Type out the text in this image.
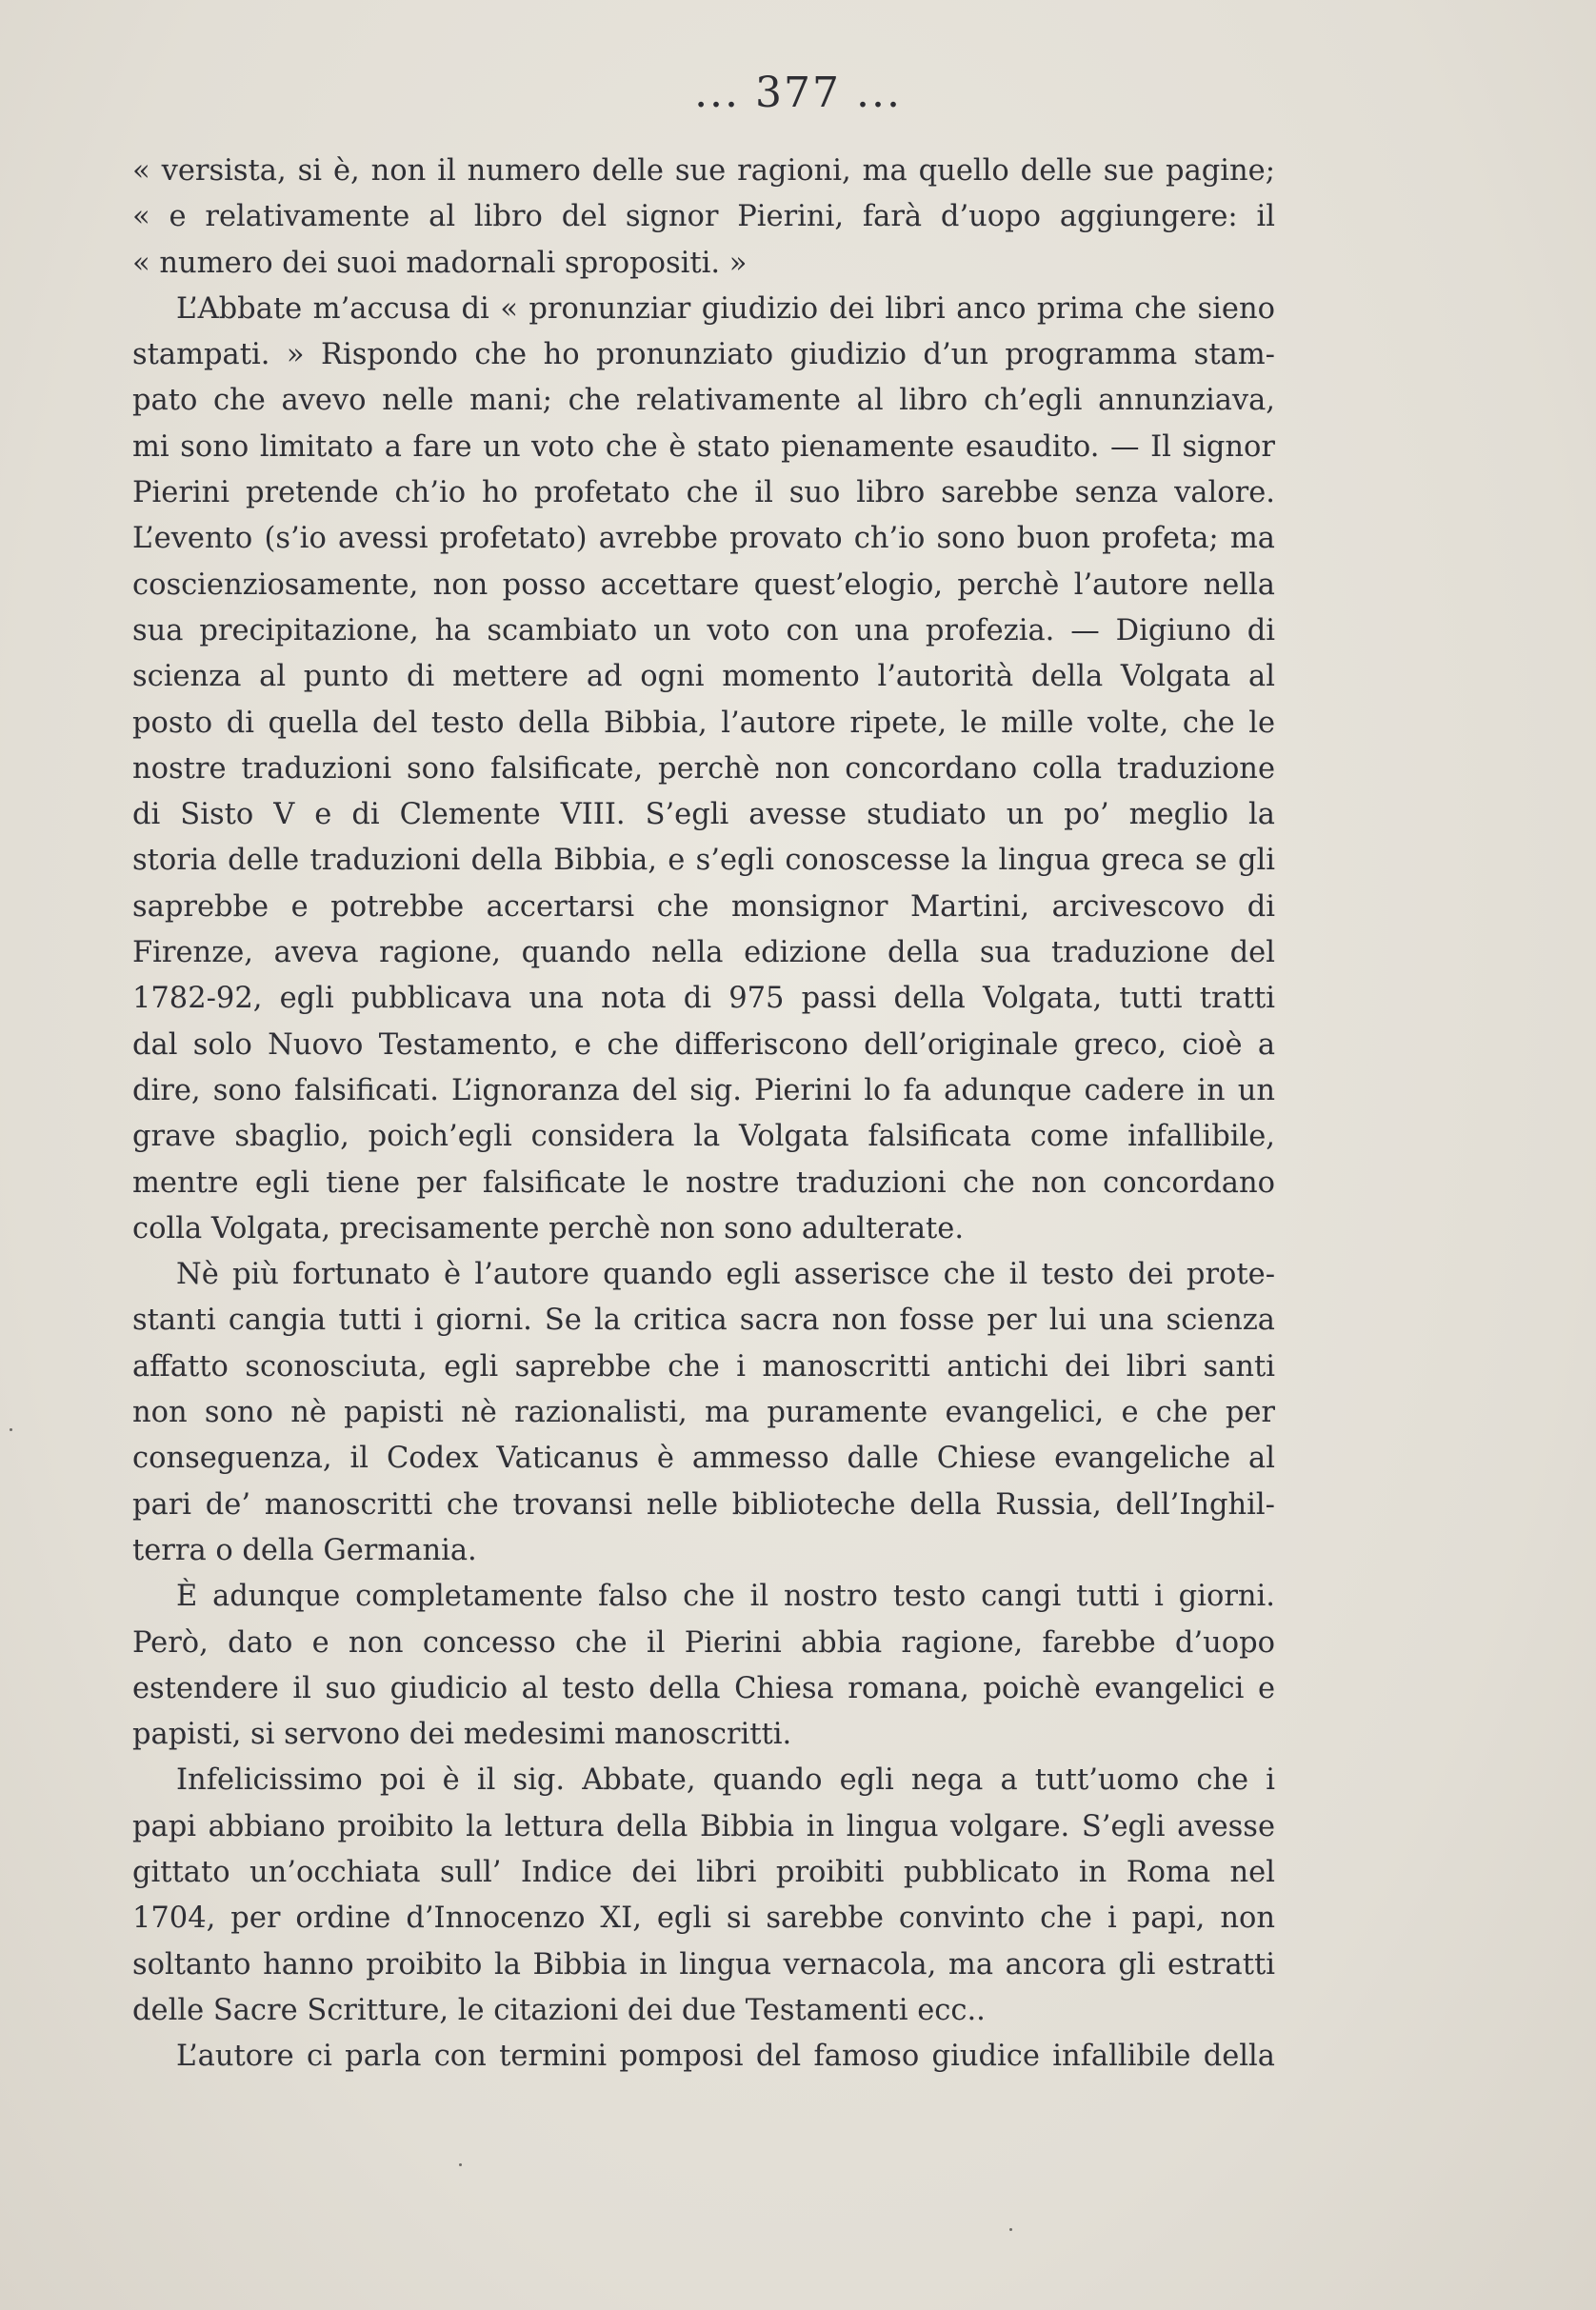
... 377 ...
« versista, si è, non il numero delle sue ragioni, ma quello delle sue pagine;
« e relativamente al libro del signor Pierini, farà d’uopo aggiungere: il
« numero dei suoi madornali spropositi. »
L’Abbate m’accusa di « pronunziar giudizio dei libri anco prima che sieno
stampati. » Rispondo che ho pronunziato giudizio d’un programma stam-
pato che avevo nelle mani; che relativamente al libro ch’egli annunziava,
mi sono limitato a fare un voto che è stato pienamente esaudito. — Il signor
Pierini pretende ch’io ho profetato che il suo libro sarebbe senza valore.
L’evento (s’io avessi profetato) avrebbe provato ch’io sono buon profeta; ma
coscienziosamente, non posso accettare quest’elogio, perchè l’autore nella
sua precipitazione, ha scambiato un voto con una profezia. — Digiuno di
scienza al punto di mettere ad ogni momento l’autorità della Volgata al
posto di quella del testo della Bibbia, l’autore ripete, le mille volte, che le
nostre traduzioni sono falsificate, perchè non concordano colla traduzione
di Sisto V e di Clemente VIII. S’egli avesse studiato un po’ meglio la
storia delle traduzioni della Bibbia, e s’egli conoscesse la lingua greca se gli
saprebbe e potrebbe accertarsi che monsignor Martini, arcivescovo di
Firenze, aveva ragione, quando nella edizione della sua traduzione del
1782-92, egli pubblicava una nota di 975 passi della Volgata, tutti tratti
dal solo Nuovo Testamento, e che differiscono dell’originale greco, cioè a
dire, sono falsificati. L’ignoranza del sig. Pierini lo fa adunque cadere in un
grave sbaglio, poich’egli considera la Volgata falsificata come infallibile,
mentre egli tiene per falsificate le nostre traduzioni che non concordano
colla Volgata, precisamente perchè non sono adulterate.
Nè più fortunato è l’autore quando egli asserisce che il testo dei prote-
stanti cangia tutti i giorni. Se la critica sacra non fosse per lui una scienza
affatto sconosciuta, egli saprebbe che i manoscritti antichi dei libri santi
non sono nè papisti nè razionalisti, ma puramente evangelici, e che per
conseguenza, il Codex Vaticanus è ammesso dalle Chiese evangeliche al
pari de’ manoscritti che trovansi nelle biblioteche della Russia, dell’Inghil-
terra o della Germania.
È adunque completamente falso che il nostro testo cangi tutti i giorni.
Però, dato e non concesso che il Pierini abbia ragione, farebbe d’uopo
estendere il suo giudicio al testo della Chiesa romana, poichè evangelici e
papisti, si servono dei medesimi manoscritti.
Infelicissimo poi è il sig. Abbate, quando egli nega a tutt’uomo che i
papi abbiano proibito la lettura della Bibbia in lingua volgare. S’egli avesse
gittato un’occhiata sull’ Indice dei libri proibiti pubblicato in Roma nel
1704, per ordine d’Innocenzo XI, egli si sarebbe convinto che i papi, non
soltanto hanno proibito la Bibbia in lingua vernacola, ma ancora gli estratti
delle Sacre Scritture, le citazioni dei due Testamenti ecc..
L’autore ci parla con termini pomposi del famoso giudice infallibile della
